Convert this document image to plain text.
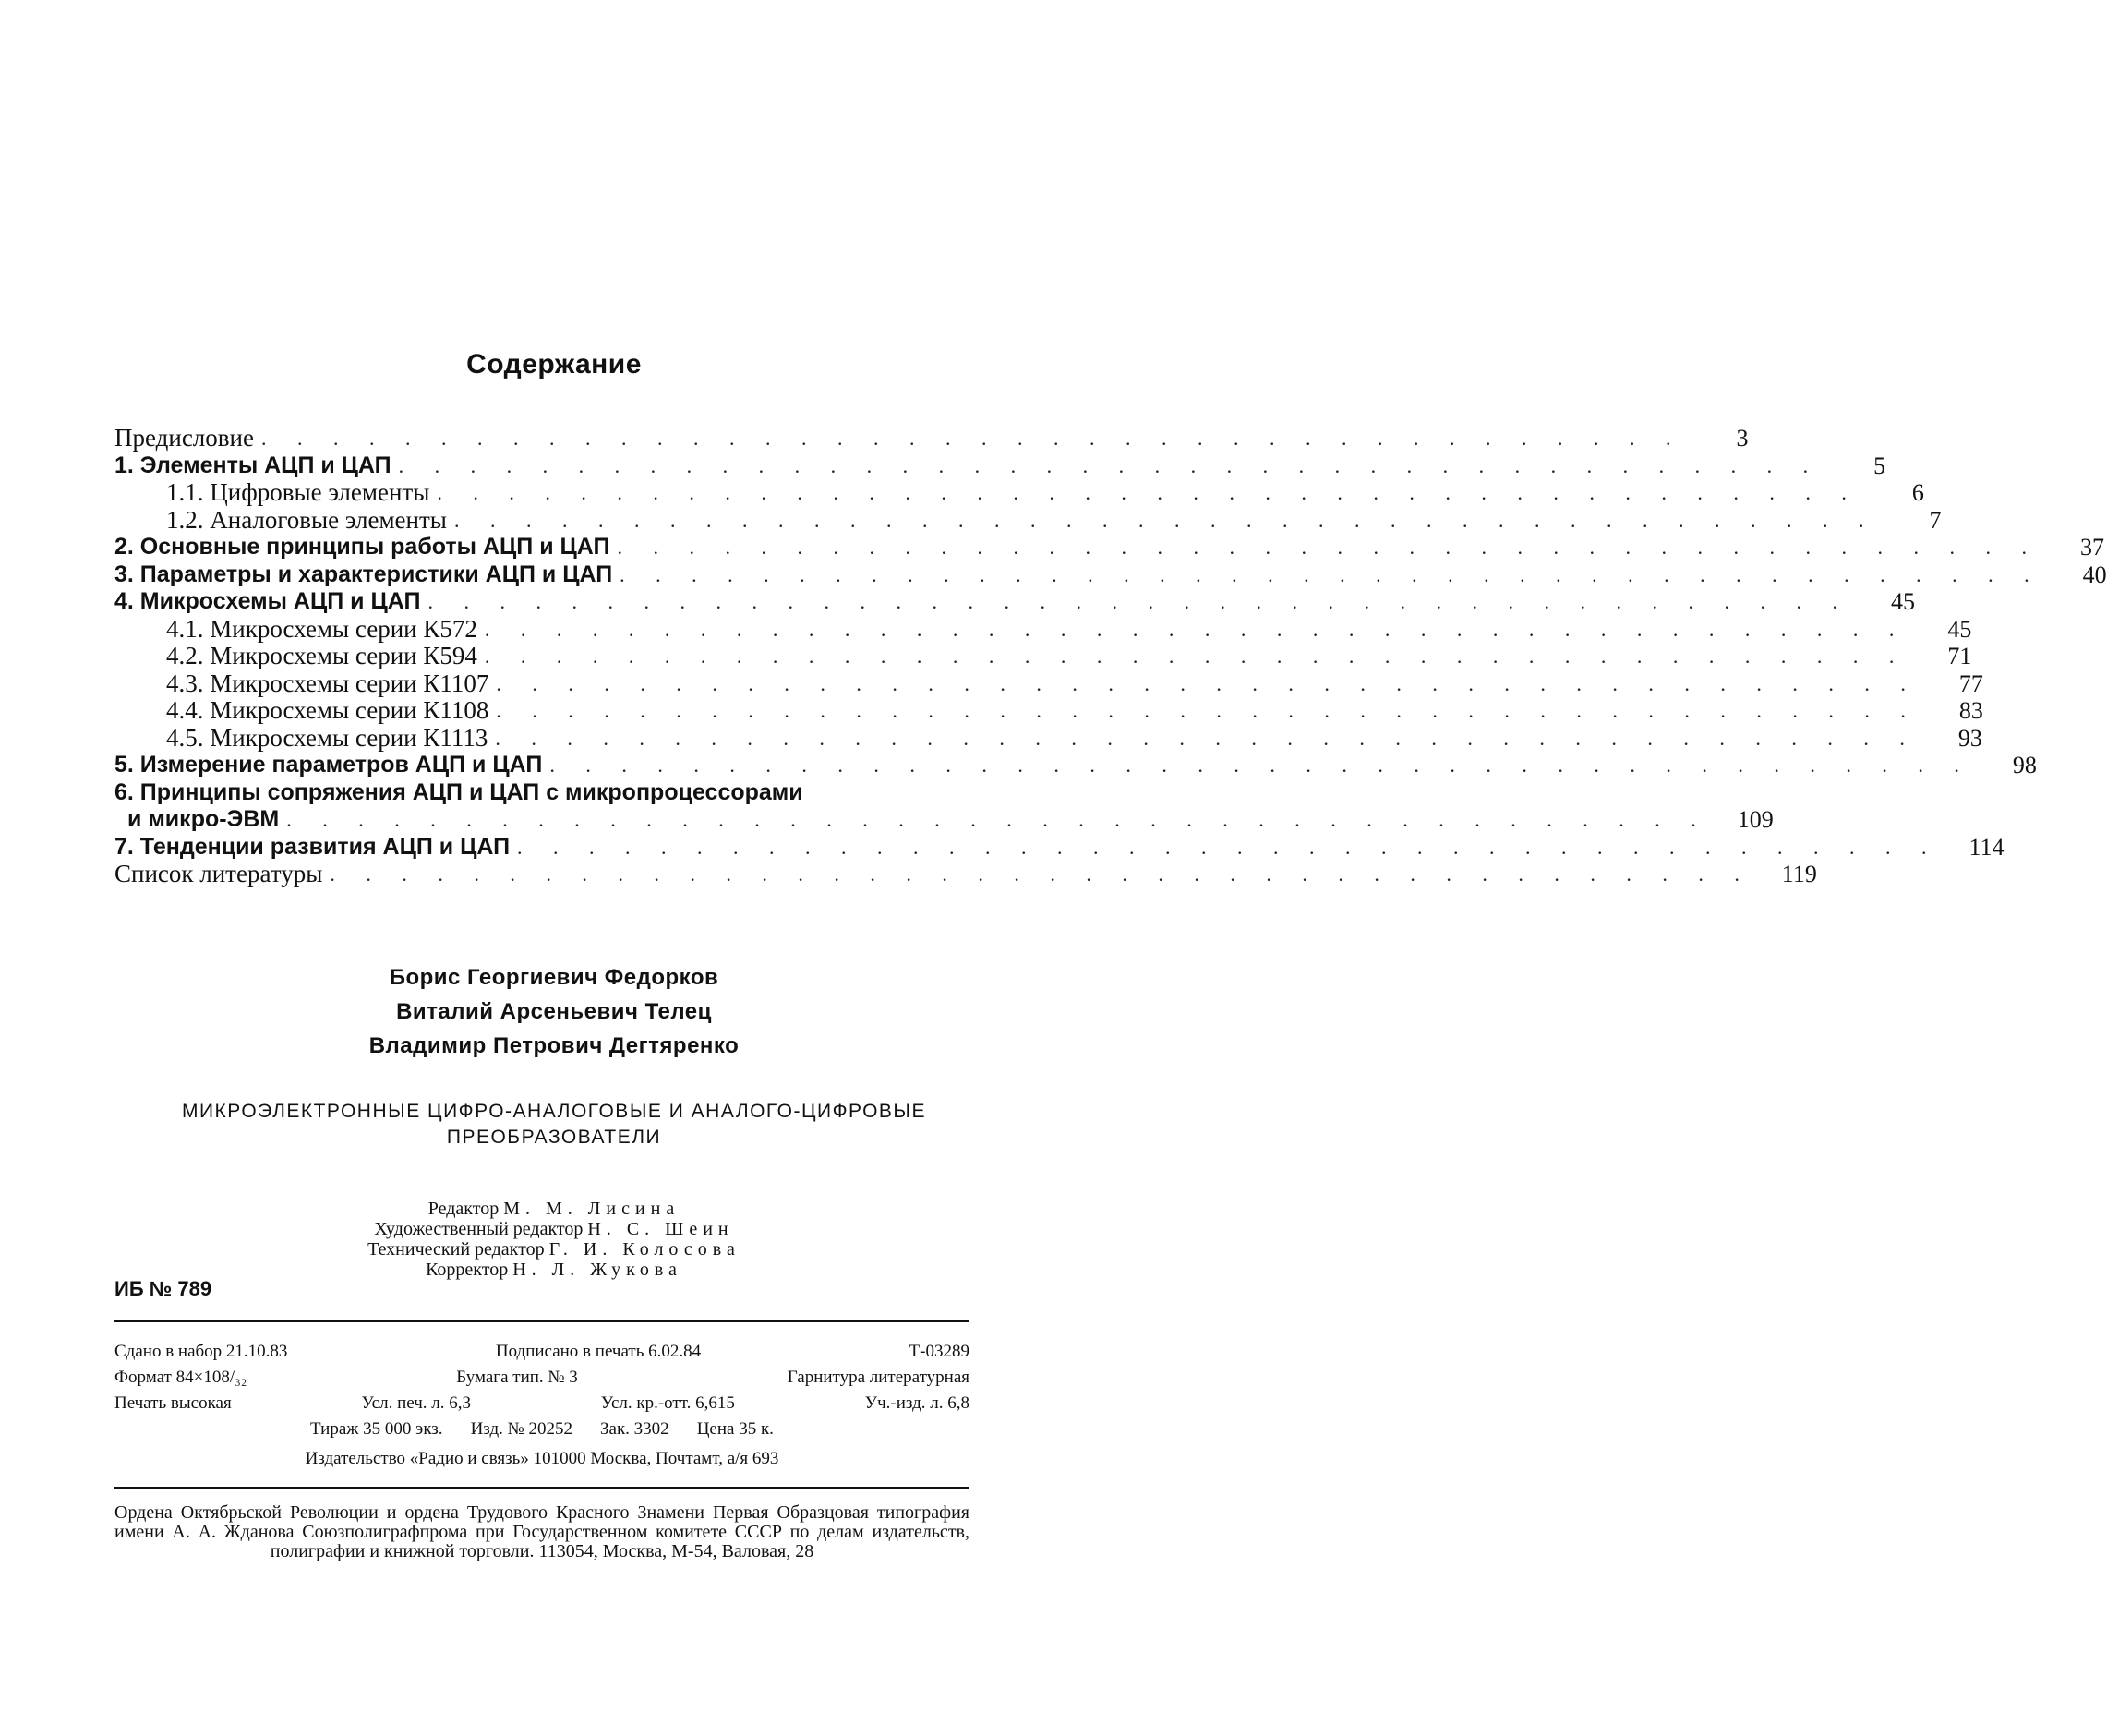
Содержание
Предисловие . . . . . . . . . . . . . . . . . . . . . . . . . . . . . . . . . . . . . . . .	3
1. Элементы АЦП и ЦАП . . . . . . . . . . . . . . . . . . . . . . . . . . . . . . . . . . . . . . . .	5
1.1. Цифровые элементы . . . . . . . . . . . . . . . . . . . . . . . . . . . . . . . . . . . . . . . .	6
1.2. Аналоговые элементы . . . . . . . . . . . . . . . . . . . . . . . . . . . . . . . . . . . . . . . .	7
2. Основные принципы работы АЦП и ЦАП . . . . . . . . . . . . . . . . . . . . . . . . . . . . . . . . . . . . . . . .	37
3. Параметры и характеристики АЦП и ЦАП . . . . . . . . . . . . . . . . . . . . . . . . . . . . . . . . . . . . . . . .	40
4. Микросхемы АЦП и ЦАП . . . . . . . . . . . . . . . . . . . . . . . . . . . . . . . . . . . . . . . .	45
4.1. Микросхемы серии К572 . . . . . . . . . . . . . . . . . . . . . . . . . . . . . . . . . . . . . . . .	45
4.2. Микросхемы серии К594 . . . . . . . . . . . . . . . . . . . . . . . . . . . . . . . . . . . . . . . .	71
4.3. Микросхемы серии К1107 . . . . . . . . . . . . . . . . . . . . . . . . . . . . . . . . . . . . . . . .	77
4.4. Микросхемы серии К1108 . . . . . . . . . . . . . . . . . . . . . . . . . . . . . . . . . . . . . . . .	83
4.5. Микросхемы серии К1113 . . . . . . . . . . . . . . . . . . . . . . . . . . . . . . . . . . . . . . . .	93
5. Измерение параметров АЦП и ЦАП . . . . . . . . . . . . . . . . . . . . . . . . . . . . . . . . . . . . . . . .	98
6. Принципы сопряжения АЦП и ЦАП с микропроцессорами
и микро-ЭВМ . . . . . . . . . . . . . . . . . . . . . . . . . . . . . . . . . . . . . . . .	109
7. Тенденции развития АЦП и ЦАП . . . . . . . . . . . . . . . . . . . . . . . . . . . . . . . . . . . . . . . .	114
Список литературы . . . . . . . . . . . . . . . . . . . . . . . . . . . . . . . . . . . . . . . .	119
Борис Георгиевич Федорков
Виталий Арсеньевич Телец
Владимир Петрович Дегтяренко
МИКРОЭЛЕКТРОННЫЕ ЦИФРО-АНАЛОГОВЫЕ И АНАЛОГО-ЦИФРОВЫЕ ПРЕОБРАЗОВАТЕЛИ
Редактор М. М. Лисина
Художественный редактор Н. С. Шеин
Технический редактор Г. И. Колосова
Корректор Н. Л. Жукова
ИБ № 789
Сдано в набор 21.10.83	Подписано в печать 6.02.84	Т-03289
Формат 84×108/₃₂	Бумага тип. № 3	Гарнитура литературная
Печать высокая	Усл. печ. л. 6,3	Усл. кр.-отт. 6,615	Уч.-изд. л. 6,8
Тираж 35 000 экз. Изд. № 20252 Зак. 3302 Цена 35 к.
Издательство «Радио и связь» 101000 Москва, Почтамт, а/я 693
Ордена Октябрьской Революции и ордена Трудового Красного Знамени Первая Образцовая типография имени А. А. Жданова Союзполиграфпрома при Государственном комитете СССР по делам издательств, полиграфии и книжной торговли. 113054, Москва, М-54, Валовая, 28
